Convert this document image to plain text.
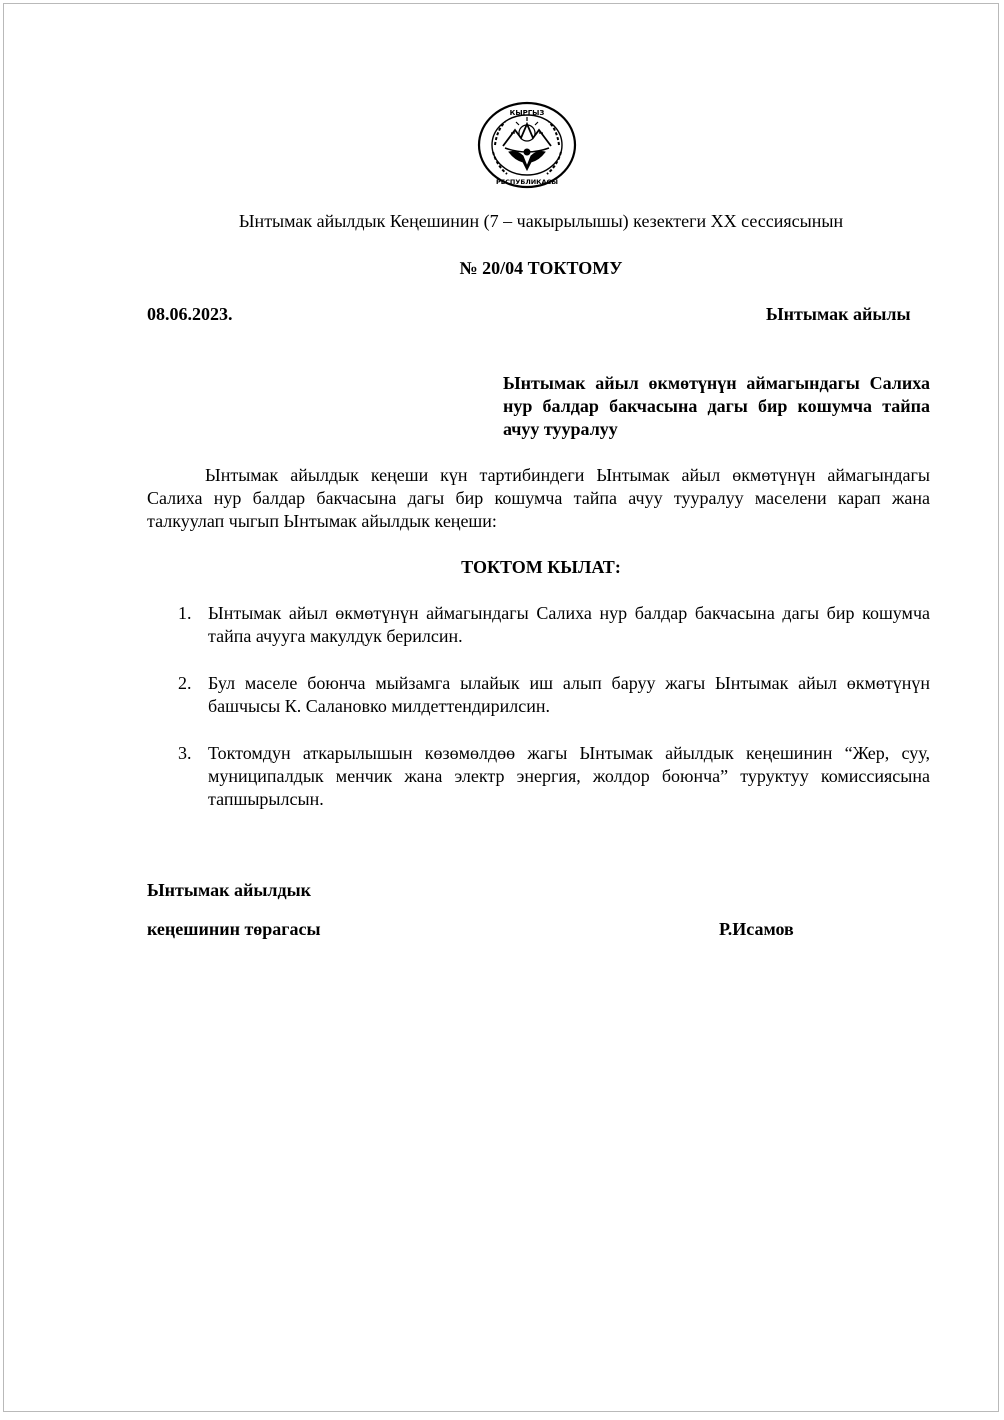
КЫРГЫЗ
РЕСПУБЛИКАСЫ
Ынтымак айылдык Кеңешинин (7 – чакырылышы) кезектеги XX сессиясынын
№ 20/04 ТОКТОМУ
08.06.2023.	Ынтымак айылы
Ынтымак айыл өкмөтүнүн аймагындагы Салиха нур балдар бакчасына дагы бир кошумча тайпа ачуу тууралуу
Ынтымак айылдык кеңеши күн тартибиндеги Ынтымак айыл өкмөтүнүн аймагындагы Салиха нур балдар бакчасына дагы бир кошумча тайпа ачуу тууралуу маселени карап жана талкуулап чыгып Ынтымак айылдык кеңеши:
ТОКТОМ КЫЛАТ:
1. Ынтымак айыл өкмөтүнүн аймагындагы Салиха нур балдар бакчасына дагы бир кошумча тайпа ачууга макулдук берилсин.
2. Бул маселе боюнча мыйзамга ылайык иш алып баруу жагы Ынтымак айыл өкмөтүнүн башчысы К. Салановко милдеттендирилсин.
3. Токтомдун аткарылышын көзөмөлдөө жагы Ынтымак айылдык кеңешинин “Жер, суу, муниципалдык менчик жана электр энергия, жолдор боюнча” туруктуу комиссиясына тапшырылсын.
Ынтымак айылдык
кеңешинин төрагасы	Р.Исамов
